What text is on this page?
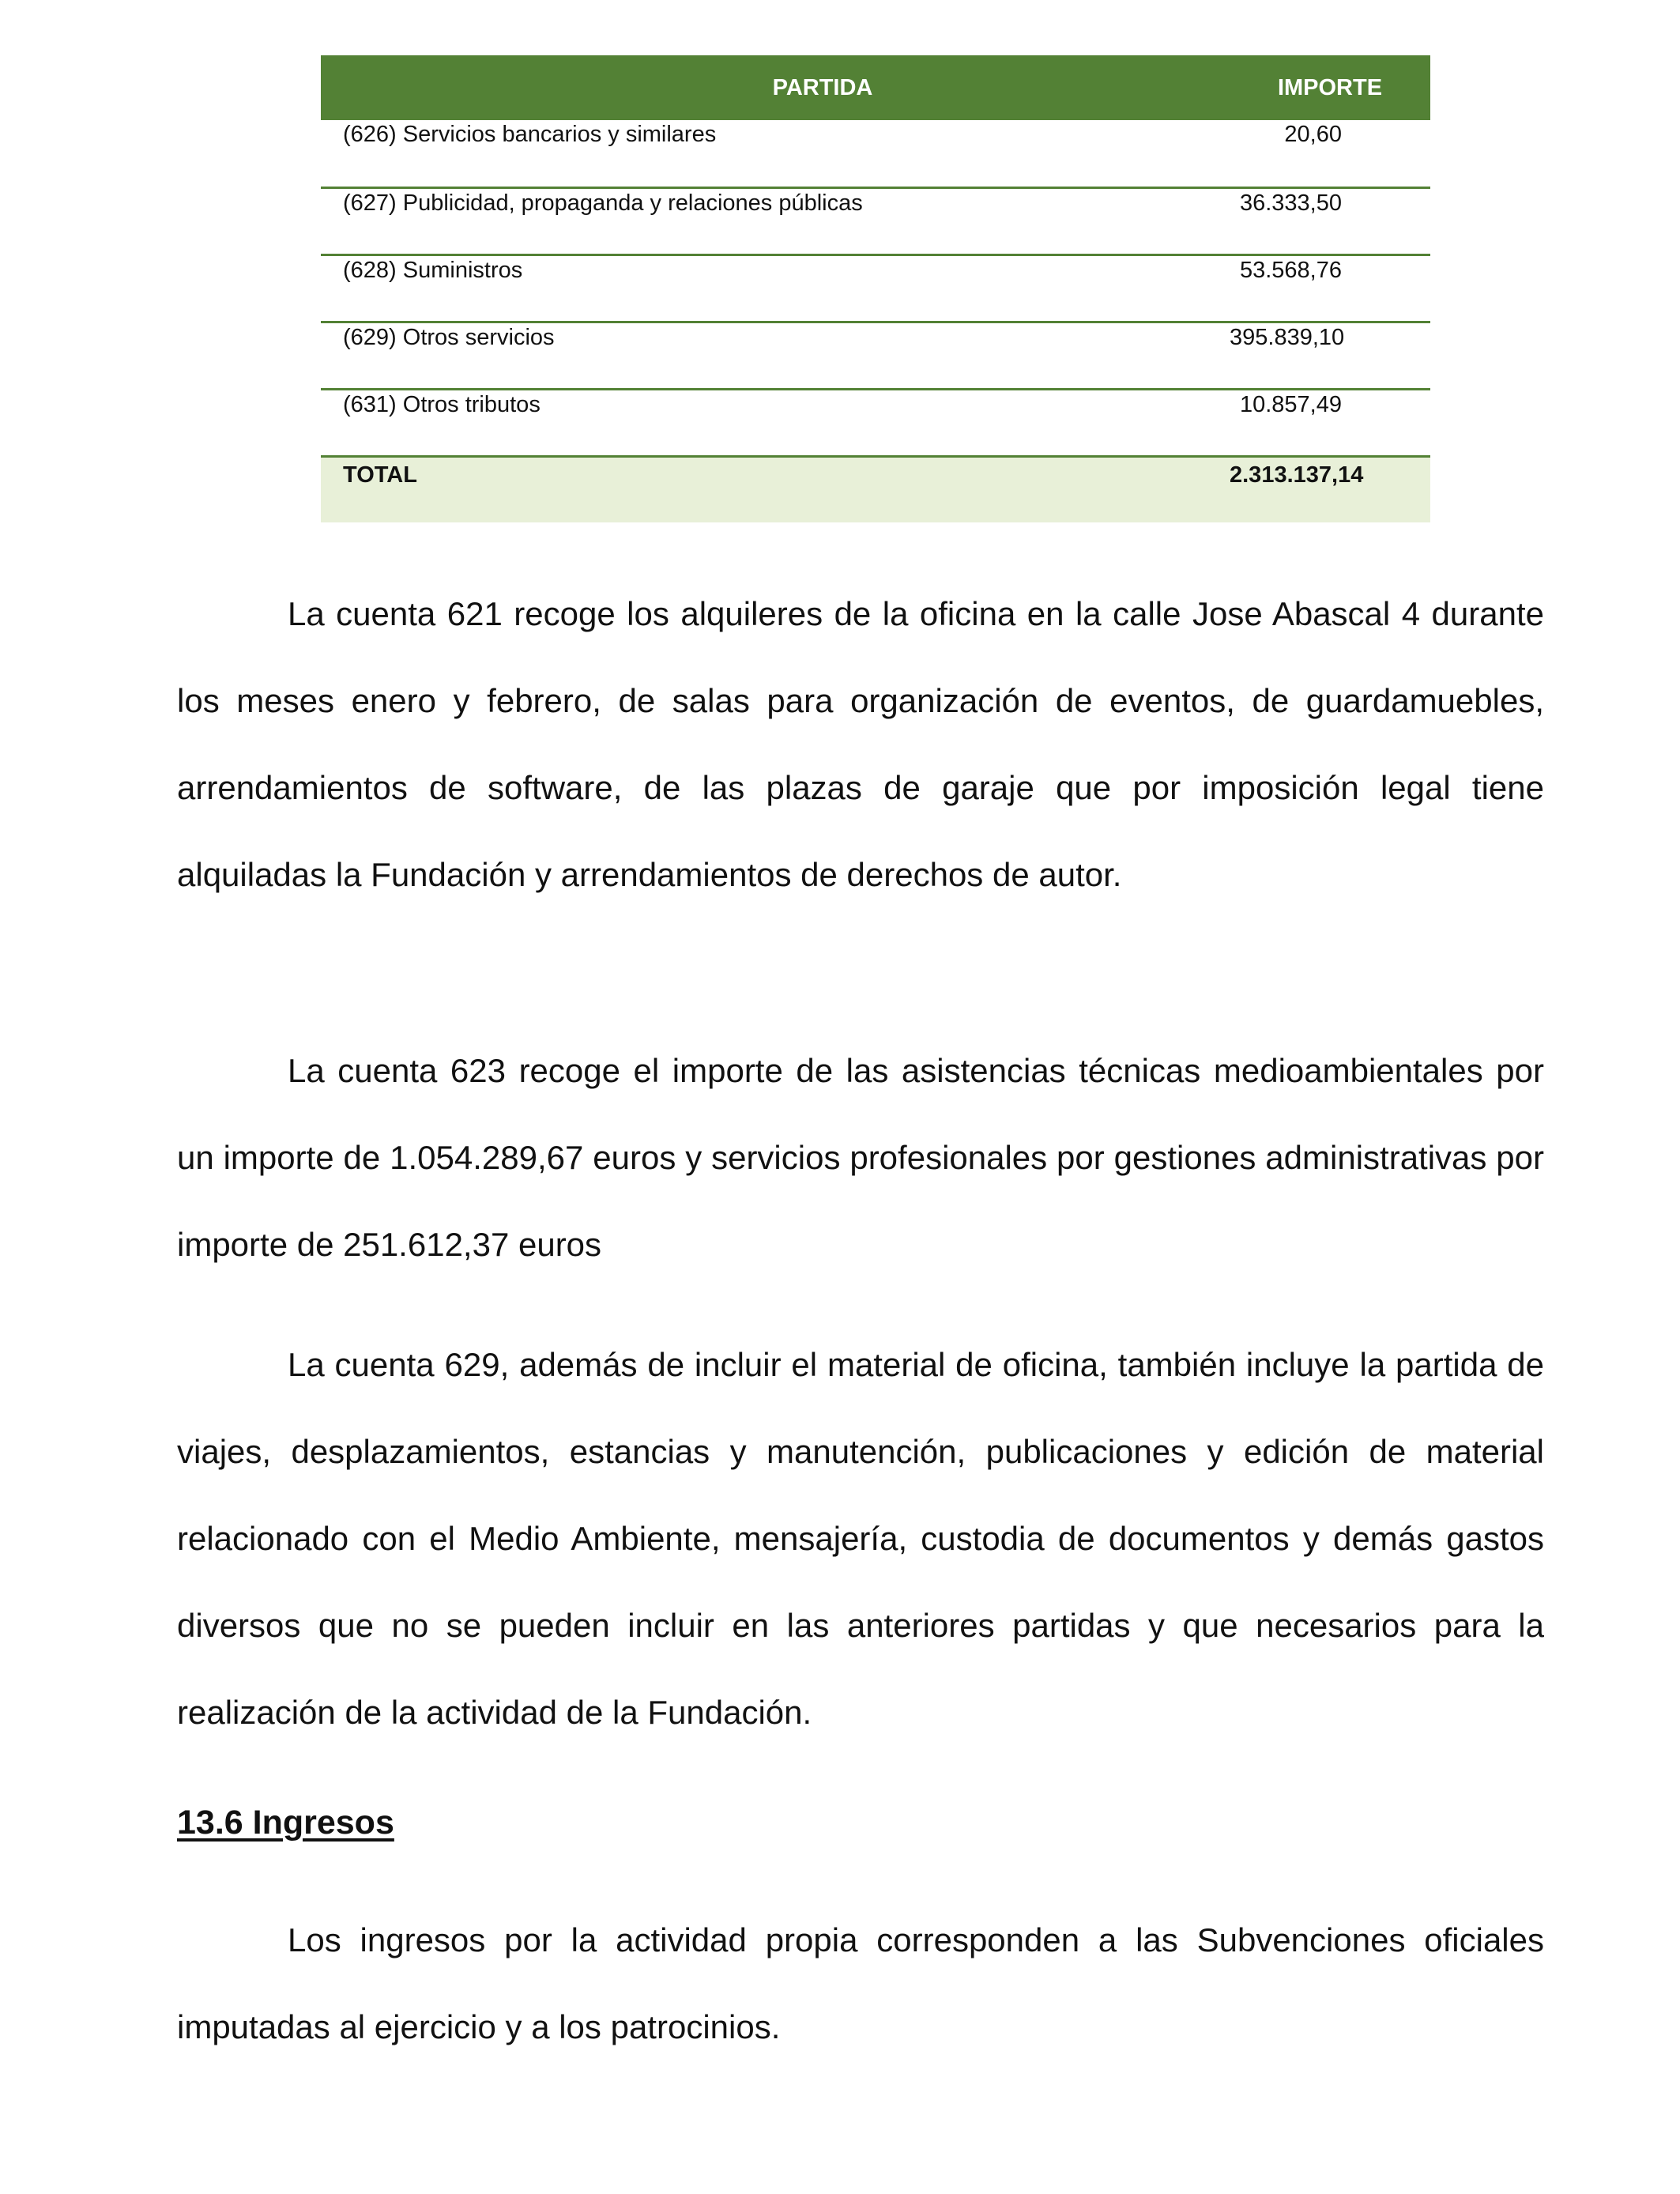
PARTIDA	IMPORTE
(626) Servicios bancarios y similares	20,60
(627) Publicidad, propaganda y relaciones públicas	36.333,50
(628) Suministros	53.568,76
(629) Otros servicios	395.839,10
(631) Otros tributos	10.857,49
TOTAL	2.313.137,14

La cuenta 621 recoge los alquileres de la oficina en la calle Jose Abascal 4 durante los meses enero y febrero, de salas para organización de eventos, de guardamuebles, arrendamientos de software, de las plazas de garaje que por imposición legal tiene alquiladas la Fundación y arrendamientos de derechos de autor.

La cuenta 623 recoge el importe de las asistencias técnicas medioambientales por un importe de 1.054.289,67 euros y servicios profesionales por gestiones administrativas por importe de 251.612,37 euros

La cuenta 629, además de incluir el material de oficina, también incluye la partida de viajes, desplazamientos, estancias y manutención, publicaciones y edición de material relacionado con el Medio Ambiente, mensajería, custodia de documentos y demás gastos diversos que no se pueden incluir en las anteriores partidas y que necesarios para la realización de la actividad de la Fundación.

13.6 Ingresos

Los ingresos por la actividad propia corresponden a las Subvenciones oficiales imputadas al ejercicio y a los patrocinios.
